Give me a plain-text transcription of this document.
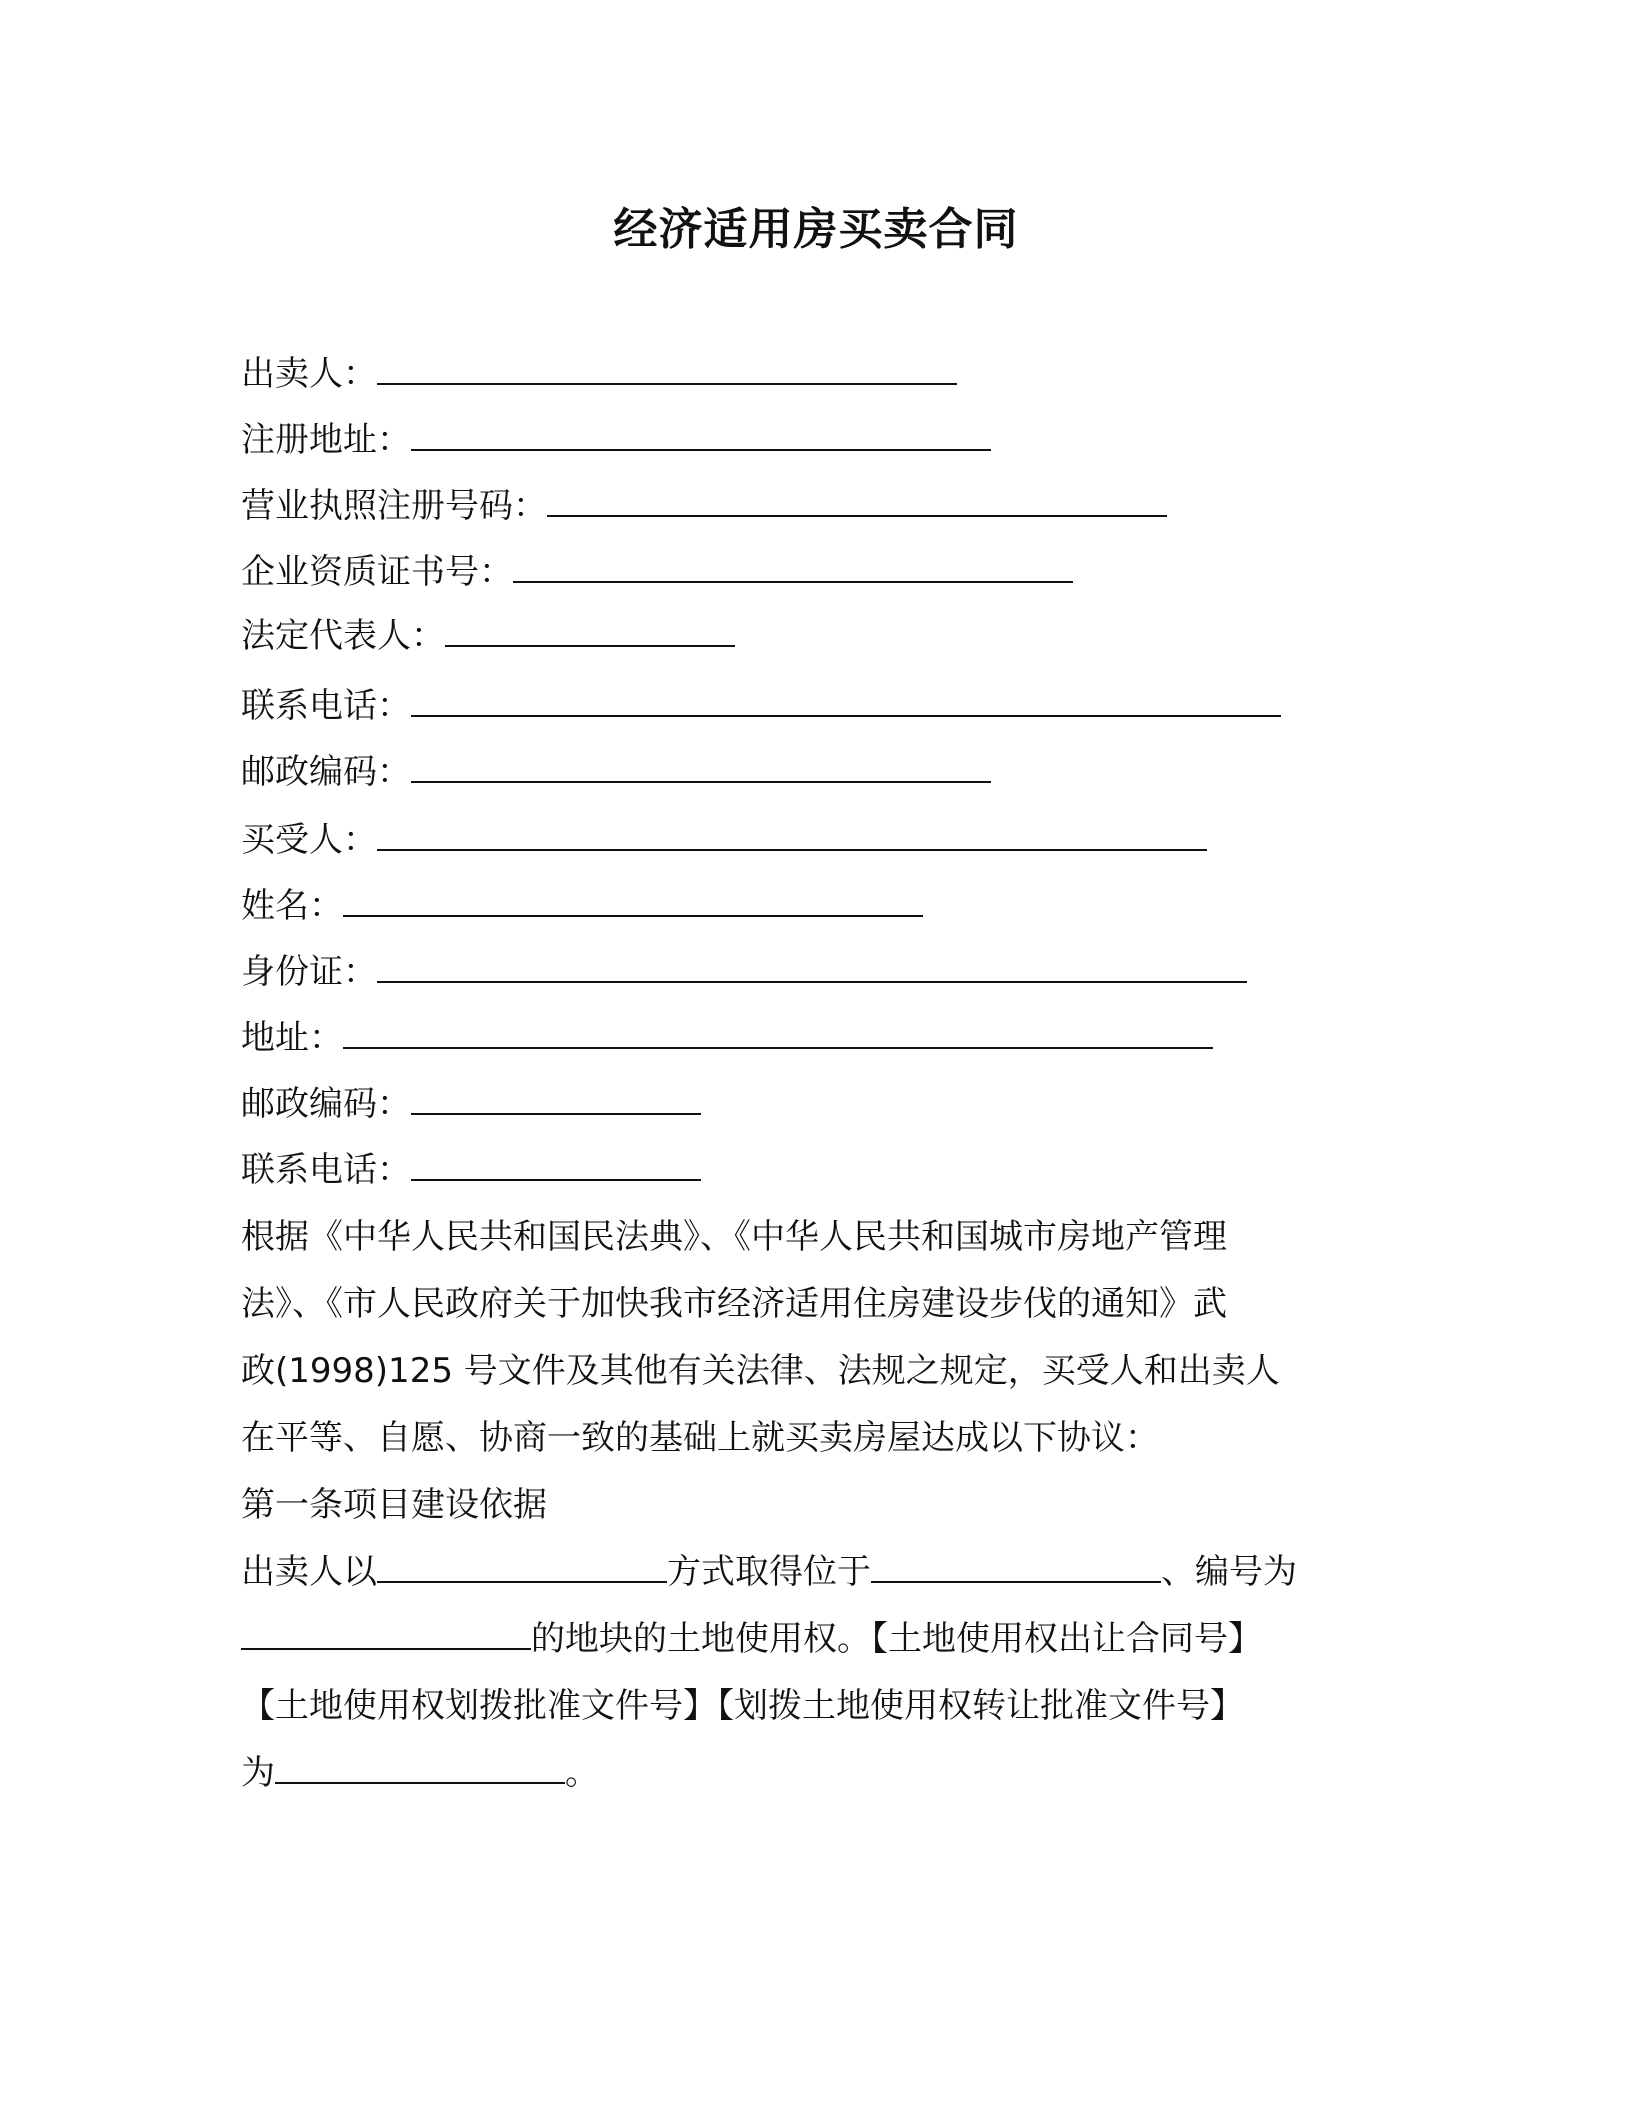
经济适用房买卖合同
出卖人：
注册地址：
营业执照注册号码：
企业资质证书号：
法定代表人：
联系电话：
邮政编码：
买受人：
姓名：
身份证：
地址：
邮政编码：
联系电话：
根据《中华人民共和国民法典》、《中华人民共和国城市房地产管理
法》、《市人民政府关于加快我市经济适用住房建设步伐的通知》武
政(1998)125 号文件及其他有关法律、法规之规定，买受人和出卖人
在平等、自愿、协商一致的基础上就买卖房屋达成以下协议：
第一条项目建设依据
出卖人以	方式取得位于	、编号为
的地块的土地使用权。【土地使用权出让合同号】
【土地使用权划拨批准文件号】【划拨土地使用权转让批准文件号】
为	。
